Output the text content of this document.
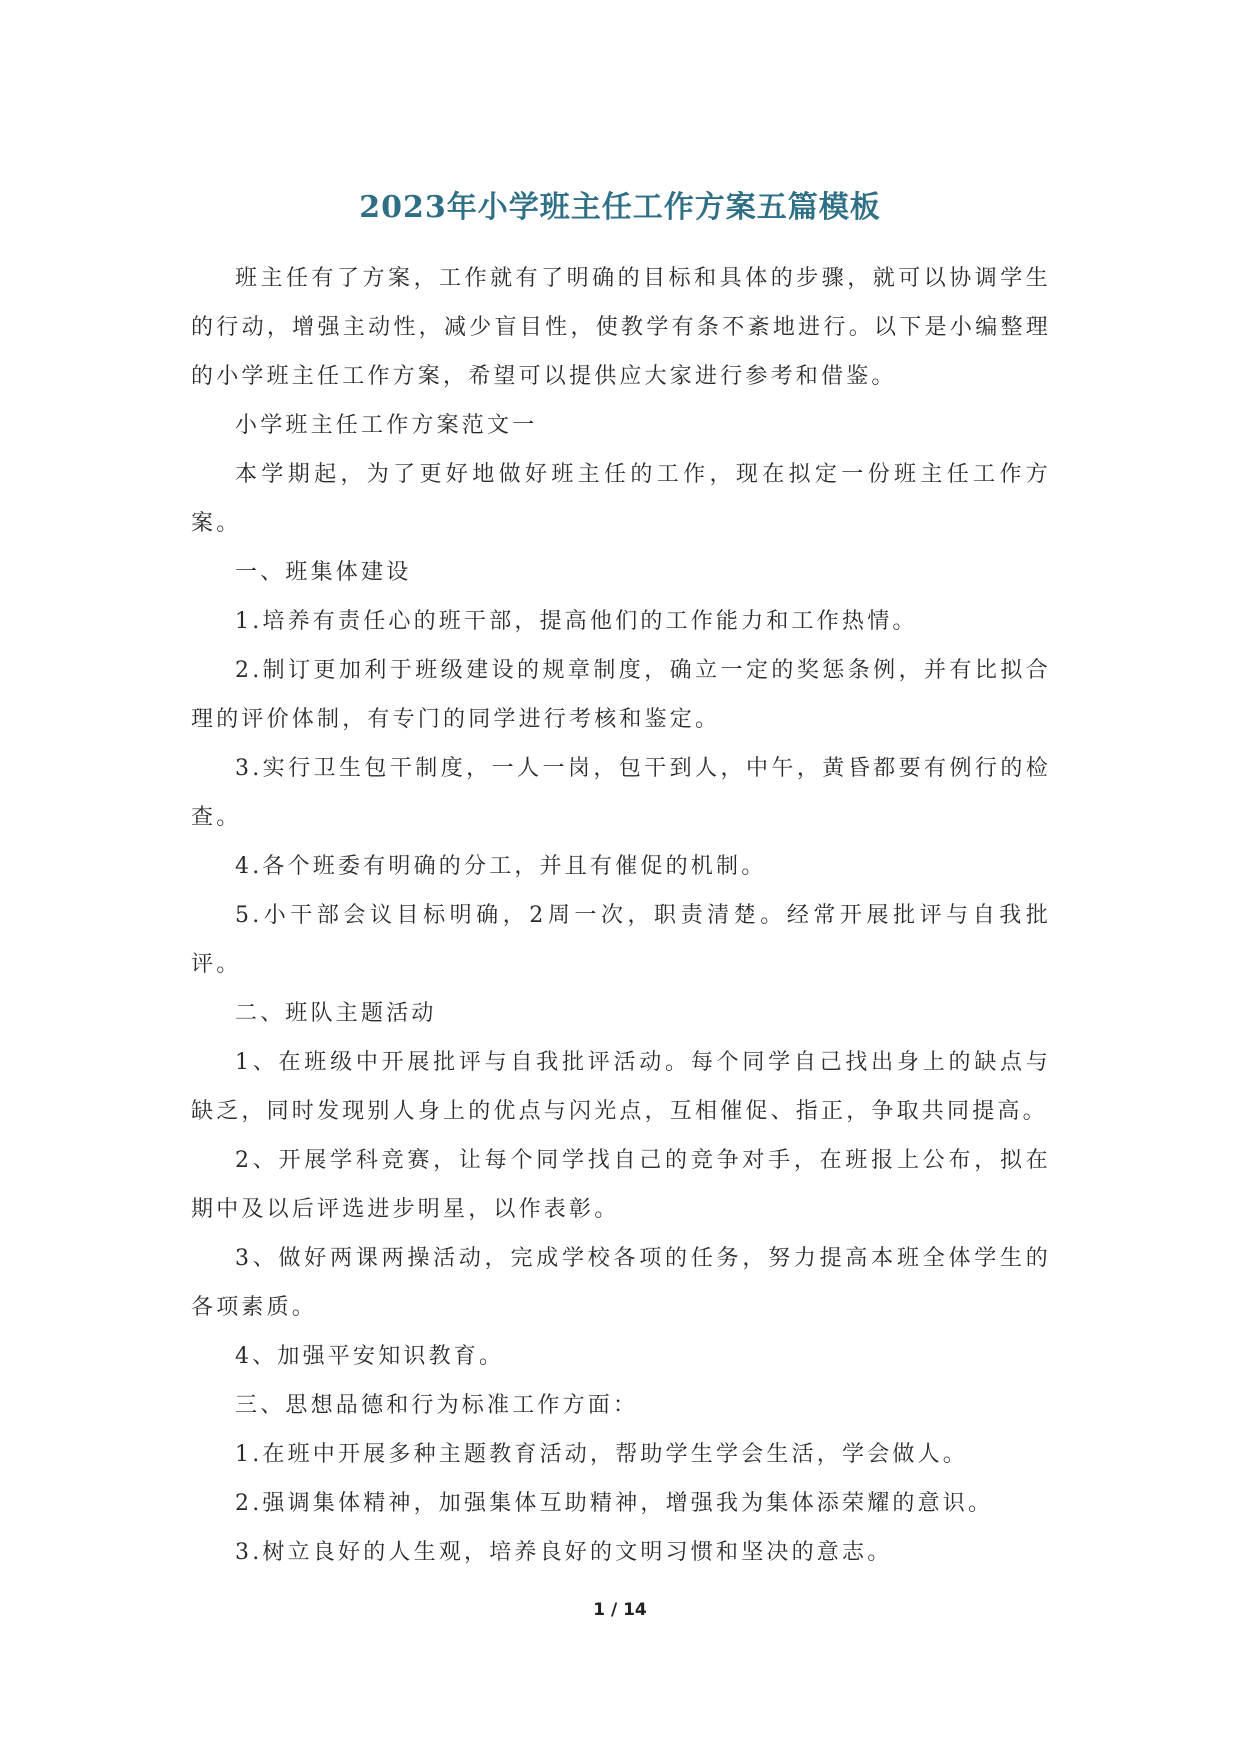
2023年小学班主任工作方案五篇模板

班主任有了方案，工作就有了明确的目标和具体的步骤，就可以协调学生的行动，增强主动性，减少盲目性，使教学有条不紊地进行。以下是小编整理的小学班主任工作方案，希望可以提供应大家进行参考和借鉴。

小学班主任工作方案范文一

本学期起，为了更好地做好班主任的工作，现在拟定一份班主任工作方案。

一、班集体建设

1.培养有责任心的班干部，提高他们的工作能力和工作热情。

2.制订更加利于班级建设的规章制度，确立一定的奖惩条例，并有比拟合理的评价体制，有专门的同学进行考核和鉴定。

3.实行卫生包干制度，一人一岗，包干到人，中午，黄昏都要有例行的检查。

4.各个班委有明确的分工，并且有催促的机制。

5.小干部会议目标明确，2周一次，职责清楚。经常开展批评与自我批评。

二、班队主题活动

1、在班级中开展批评与自我批评活动。每个同学自己找出身上的缺点与缺乏，同时发现别人身上的优点与闪光点，互相催促、指正，争取共同提高。

2、开展学科竞赛，让每个同学找自己的竞争对手，在班报上公布，拟在期中及以后评选进步明星，以作表彰。

3、做好两课两操活动，完成学校各项的任务，努力提高本班全体学生的各项素质。

4、加强平安知识教育。

三、思想品德和行为标准工作方面：

1.在班中开展多种主题教育活动，帮助学生学会生活，学会做人。

2.强调集体精神，加强集体互助精神，增强我为集体添荣耀的意识。

3.树立良好的人生观，培养良好的文明习惯和坚决的意志。

1 / 14
